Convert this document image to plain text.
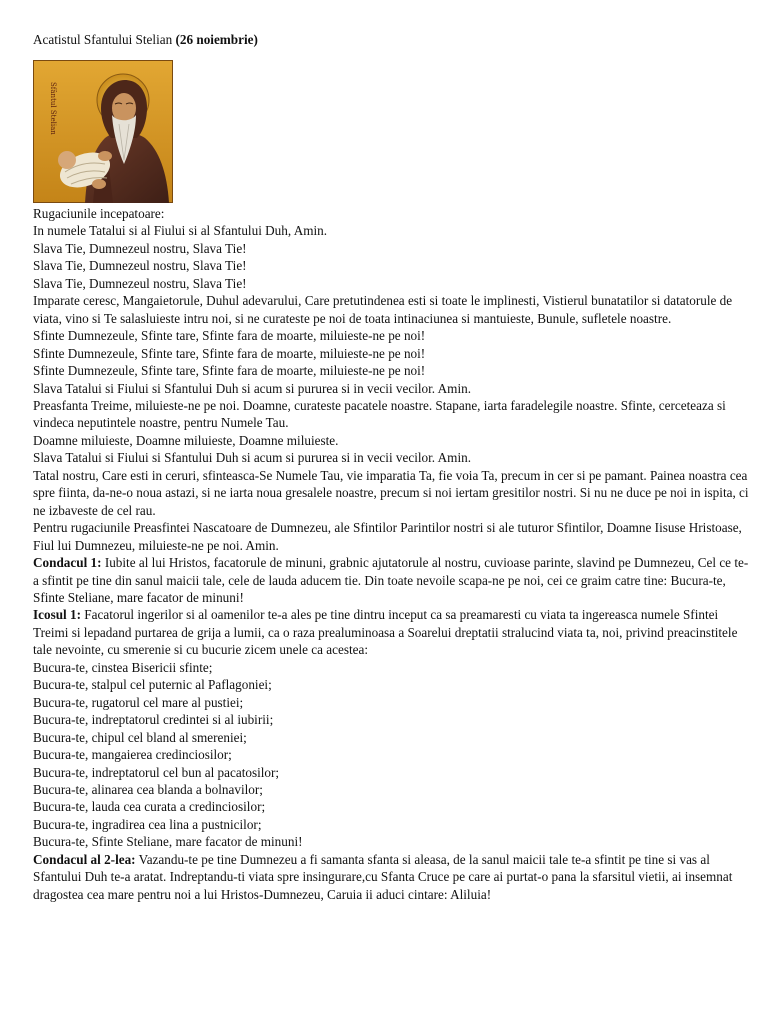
Acatistul Sfantului Stelian (26 noiembrie)
Sfântul Stelian

Rugaciunile incepatoare:

In numele Tatalui si al Fiului si al Sfantului Duh, Amin.

Slava Tie, Dumnezeul nostru, Slava Tie!

Slava Tie, Dumnezeul nostru, Slava Tie!

Slava Tie, Dumnezeul nostru, Slava Tie!

Imparate ceresc, Mangaietorule, Duhul adevarului, Care pretutindenea esti si toate le implinesti, Vistierul bunatatilor si datatorule de viata, vino si Te salasluieste intru noi, si ne curateste pe noi de toata intinaciunea si mantuieste, Bunule, sufletele noastre.

Sfinte Dumnezeule, Sfinte tare, Sfinte fara de moarte, miluieste-ne pe noi!

Sfinte Dumnezeule, Sfinte tare, Sfinte fara de moarte, miluieste-ne pe noi!

Sfinte Dumnezeule, Sfinte tare, Sfinte fara de moarte, miluieste-ne pe noi!

Slava Tatalui si Fiului si Sfantului Duh si acum si pururea si in vecii vecilor. Amin.

Preasfanta Treime, miluieste-ne pe noi. Doamne, curateste pacatele noastre. Stapane, iarta faradelegile noastre. Sfinte, cerceteaza si vindeca neputintele noastre, pentru Numele Tau.

Doamne miluieste, Doamne miluieste, Doamne miluieste.

Slava Tatalui si Fiului si Sfantului Duh si acum si pururea si in vecii vecilor. Amin.

Tatal nostru, Care esti in ceruri, sfinteasca-Se Numele Tau, vie imparatia Ta, fie voia Ta, precum in cer si pe pamant. Painea noastra cea spre fiinta, da-ne-o noua astazi, si ne iarta noua gresalele noastre, precum si noi iertam gresitilor nostri. Si nu ne duce pe noi in ispita, ci ne izbaveste de cel rau.

Pentru rugaciunile Preasfintei Nascatoare de Dumnezeu, ale Sfintilor Parintilor nostri si ale tuturor Sfintilor, Doamne Iisuse Hristoase, Fiul lui Dumnezeu, miluieste-ne pe noi. Amin.

Condacul 1: Iubite al lui Hristos, facatorule de minuni, grabnic ajutatorule al nostru, cuvioase parinte, slavind pe Dumnezeu, Cel ce te-a sfintit pe tine din sanul maicii tale, cele de lauda aducem tie. Din toate nevoile scapa-ne pe noi, cei ce graim catre tine: Bucura-te, Sfinte Steliane, mare facator de minuni!

Icosul 1: Facatorul ingerilor si al oamenilor te-a ales pe tine dintru inceput ca sa preamaresti cu viata ta ingereasca numele Sfintei Treimi si lepadand purtarea de grija a lumii, ca o raza prealuminoasa a Soarelui dreptatii stralucind viata ta, noi, privind preacinstitele tale nevointe, cu smerenie si cu bucurie zicem unele ca acestea:

Bucura-te, cinstea Bisericii sfinte;

Bucura-te, stalpul cel puternic al Paflagoniei;

Bucura-te, rugatorul cel mare al pustiei;

Bucura-te, indreptatorul credintei si al iubirii;

Bucura-te, chipul cel bland al smereniei;

Bucura-te, mangaierea credinciosilor;

Bucura-te, indreptatorul cel bun al pacatosilor;

Bucura-te, alinarea cea blanda a bolnavilor;

Bucura-te, lauda cea curata a credinciosilor;

Bucura-te, ingradirea cea lina a pustnicilor;

Bucura-te, Sfinte Steliane, mare facator de minuni!

Condacul al 2-lea: Vazandu-te pe tine Dumnezeu a fi samanta sfanta si aleasa, de la sanul maicii tale te-a sfintit pe tine si vas al Sfantului Duh te-a aratat. Indreptandu-ti viata spre insingurare,cu Sfanta Cruce pe care ai purtat-o pana la sfarsitul vietii, ai insemnat dragostea cea mare pentru noi a lui Hristos-Dumnezeu, Caruia ii aduci cintare: Aliluia!
